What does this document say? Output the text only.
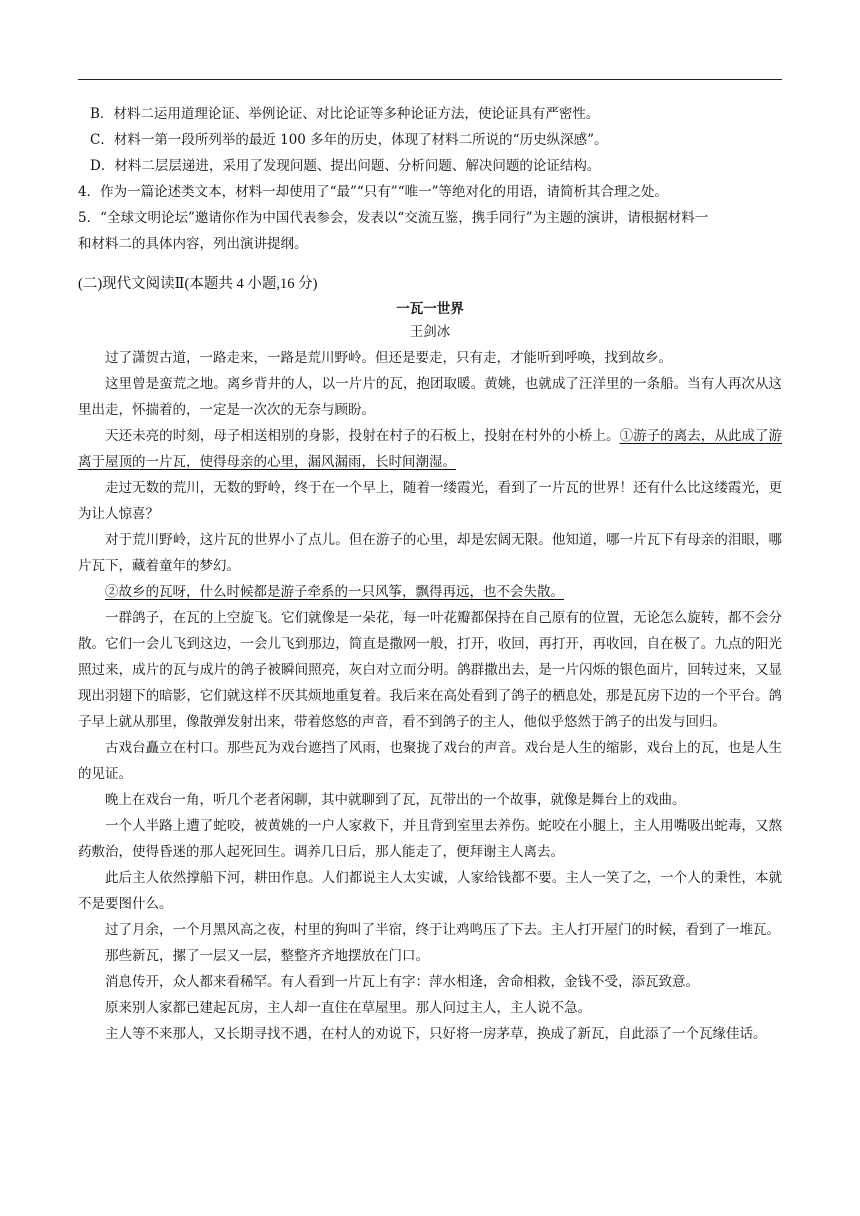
B．材料二运用道理论证、举例论证、对比论证等多种论证方法，使论证具有严密性。
C．材料一第一段所列举的最近 100 多年的历史，体现了材料二所说的“历史纵深感”。
D．材料二层层递进，采用了发现问题、提出问题、分析问题、解决问题的论证结构。
4．作为一篇论述类文本，材料一却使用了“最”“只有”“唯一”等绝对化的用语，请简析其合理之处。
5．“全球文明论坛”邀请你作为中国代表参会，发表以“交流互鉴，携手同行”为主题的演讲，请根据材料一
和材料二的具体内容，列出演讲提纲。
(二)现代文阅读Ⅱ(本题共 4 小题,16 分)
一瓦一世界
王剑冰

过了潇贺古道，一路走来，一路是荒川野岭。但还是要走，只有走，才能听到呼唤，找到故乡。

这里曾是蛮荒之地。离乡背井的人，以一片片的瓦，抱团取暖。黄姚，也就成了汪洋里的一条船。当有人再次从这里出走，怀揣着的，一定是一次次的无奈与顾盼。

天还未亮的时刻，母子相送相别的身影，投射在村子的石板上，投射在村外的小桥上。①游子的离去，从此成了游离于屋顶的一片瓦，使得母亲的心里，漏风漏雨，长时间潮湿。

走过无数的荒川，无数的野岭，终于在一个早上，随着一缕霞光，看到了一片瓦的世界！还有什么比这缕霞光，更为让人惊喜？

对于荒川野岭，这片瓦的世界小了点儿。但在游子的心里，却是宏阔无限。他知道，哪一片瓦下有母亲的泪眼，哪片瓦下，藏着童年的梦幻。

②故乡的瓦呀，什么时候都是游子牵系的一只风筝，飘得再远，也不会失散。

一群鸽子，在瓦的上空旋飞。它们就像是一朵花，每一叶花瓣都保持在自己原有的位置，无论怎么旋转，都不会分散。它们一会儿飞到这边，一会儿飞到那边，简直是撒网一般，打开，收回，再打开，再收回，自在极了。九点的阳光照过来，成片的瓦与成片的鸽子被瞬间照亮，灰白对立而分明。鸽群撒出去，是一片闪烁的银色面片，回转过来，又显现出羽翅下的暗影，它们就这样不厌其烦地重复着。我后来在高处看到了鸽子的栖息处，那是瓦房下边的一个平台。鸽子早上就从那里，像散弹发射出来，带着悠悠的声音，看不到鸽子的主人，他似乎悠然于鸽子的出发与回归。

古戏台矗立在村口。那些瓦为戏台遮挡了风雨，也聚拢了戏台的声音。戏台是人生的缩影，戏台上的瓦，也是人生的见证。

晚上在戏台一角，听几个老者闲聊，其中就聊到了瓦，瓦带出的一个故事，就像是舞台上的戏曲。

一个人半路上遭了蛇咬，被黄姚的一户人家救下，并且背到室里去养伤。蛇咬在小腿上，主人用嘴吸出蛇毒，又熬药敷治，使得昏迷的那人起死回生。调养几日后，那人能走了，便拜谢主人离去。

此后主人依然撑船下河，耕田作息。人们都说主人太实诚，人家给钱都不要。主人一笑了之，一个人的秉性，本就不是要图什么。

过了月余，一个月黑风高之夜，村里的狗叫了半宿，终于让鸡鸣压了下去。主人打开屋门的时候，看到了一堆瓦。

那些新瓦，摞了一层又一层，整整齐齐地摆放在门口。

消息传开，众人都来看稀罕。有人看到一片瓦上有字：萍水相逢，舍命相救，金钱不受，添瓦致意。

原来别人家都已建起瓦房，主人却一直住在草屋里。那人问过主人，主人说不急。

主人等不来那人，又长期寻找不遇，在村人的劝说下，只好将一房茅草，换成了新瓦，自此添了一个瓦缘佳话。
